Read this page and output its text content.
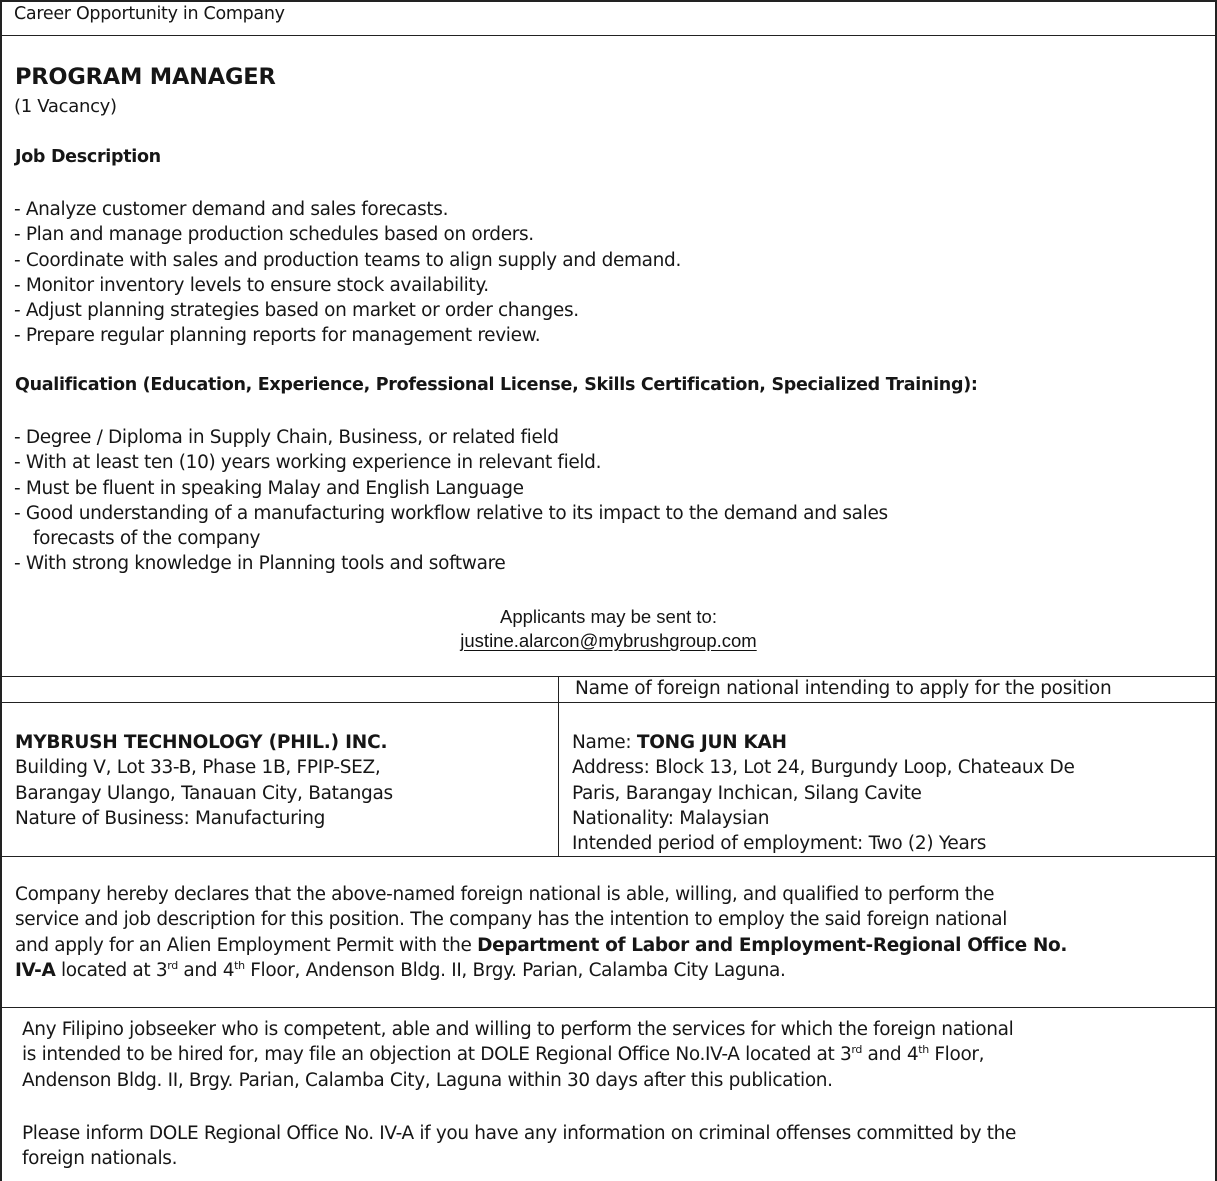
Career Opportunity in Company
PROGRAM MANAGER
(1 Vacancy)
Job Description
- Analyze customer demand and sales forecasts.
- Plan and manage production schedules based on orders.
- Coordinate with sales and production teams to align supply and demand.
- Monitor inventory levels to ensure stock availability.
- Adjust planning strategies based on market or order changes.
- Prepare regular planning reports for management review.
Qualification (Education, Experience, Professional License, Skills Certification, Specialized Training):
- Degree / Diploma in Supply Chain, Business, or related field
- With at least ten (10) years working experience in relevant field.
- Must be fluent in speaking Malay and English Language
- Good understanding of a manufacturing workflow relative to its impact to the demand and sales
forecasts of the company
- With strong knowledge in Planning tools and software
Applicants may be sent to:
justine.alarcon@mybrushgroup.com
Name of foreign national intending to apply for the position
MYBRUSH TECHNOLOGY (PHIL.) INC.
Building V, Lot 33-B, Phase 1B, FPIP-SEZ,
Barangay Ulango, Tanauan City, Batangas
Nature of Business: Manufacturing
Name: TONG JUN KAH
Address: Block 13, Lot 24, Burgundy Loop, Chateaux De
Paris, Barangay Inchican, Silang Cavite
Nationality: Malaysian
Intended period of employment: Two (2) Years
Company hereby declares that the above-named foreign national is able, willing, and qualified to perform the
service and job description for this position. The company has the intention to employ the said foreign national
and apply for an Alien Employment Permit with the Department of Labor and Employment-Regional Office No.
IV-A located at 3rd and 4th Floor, Andenson Bldg. II, Brgy. Parian, Calamba City Laguna.
Any Filipino jobseeker who is competent, able and willing to perform the services for which the foreign national
is intended to be hired for, may file an objection at DOLE Regional Office No.IV-A located at 3rd and 4th Floor,
Andenson Bldg. II, Brgy. Parian, Calamba City, Laguna within 30 days after this publication.
Please inform DOLE Regional Office No. IV-A if you have any information on criminal offenses committed by the
foreign nationals.
